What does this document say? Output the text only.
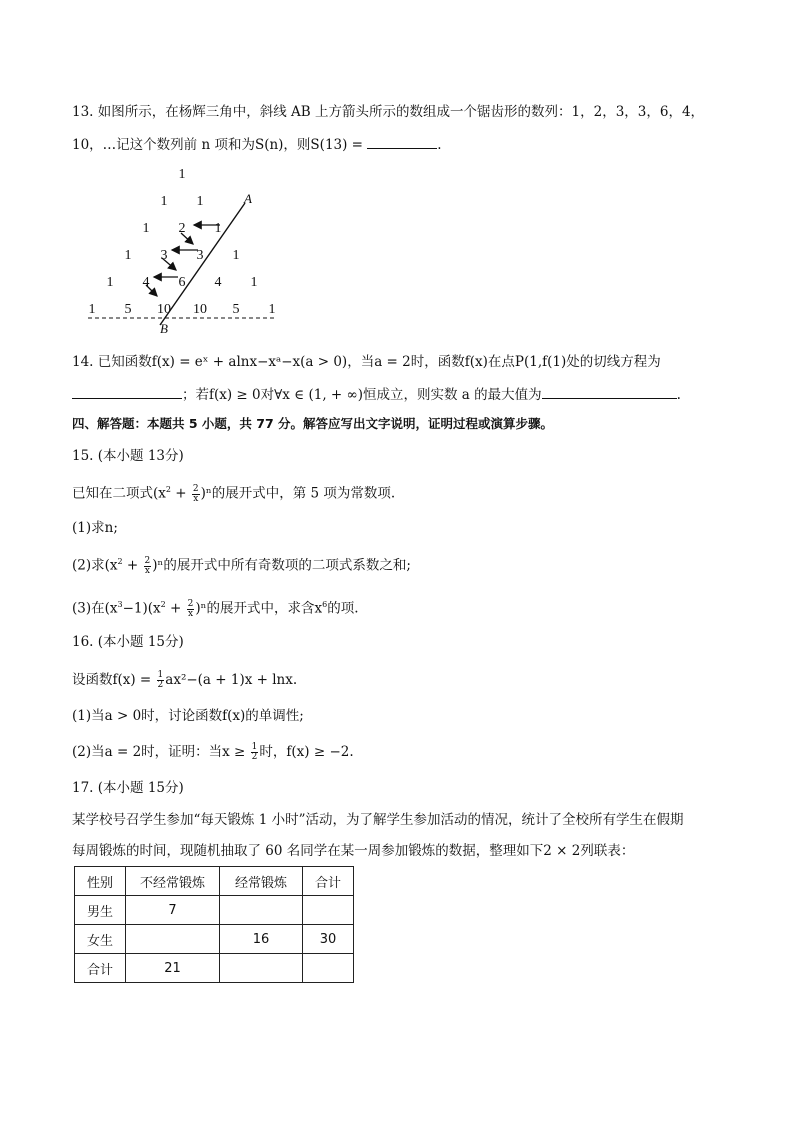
13. 如图所示，在杨辉三角中，斜线 AB 上方箭头所示的数组成一个锯齿形的数列：1，2，3，3，6，4，
10，…记这个数列前 n 项和为S(n)，则S(13) =	.
1
1 1
1 2 1
1 3 3 1
1 4 6 4 1
1 5 10 10 5 1
A
B
14. 已知函数f(x) = eˣ + alnx−xᵃ−x(a > 0)，当a = 2时，函数f(x)在点P(1,f(1)处的切线方程为
；若f(x) ≥ 0对∀x ∈ (1, + ∞)恒成立，则实数 a 的最大值为	.
四、解答题：本题共 5 小题，共 77 分。解答应写出文字说明，证明过程或演算步骤。
15. (本小题 13分)
已知在二项式$(x^2 + \frac{2}{x} )^n$的展开式中，第 5 项为常数项.
(1)求n;
(2)求$(x^2 + \frac{2}{x} )^n$的展开式中所有奇数项的二项式系数之和;
(3)在$(x^3-1)(x^2 + \frac{2}{x} )^n$的展开式中，求含$x^6$的项.
16. (本小题 15分)
设函数$f(x) = \frac{1}{2} ax^2-(a + 1)x + \ln x$.
(1)当a > 0时，讨论函数f(x)的单调性;
(2)当a = 2时，证明：当$x \ge \frac{1}{2}$ 时，f(x) ≥ −2.
17. (本小题 15分)
某学校号召学生参加“每天锻炼 1 小时”活动，为了解学生参加活动的情况，统计了全校所有学生在假期
每周锻炼的时间，现随机抽取了 60 名同学在某一周参加锻炼的数据，整理如下2 × 2列联表：
性别	不经常锻炼	经常锻炼	合计
男生	7		
女生		16	30
合计	21		
